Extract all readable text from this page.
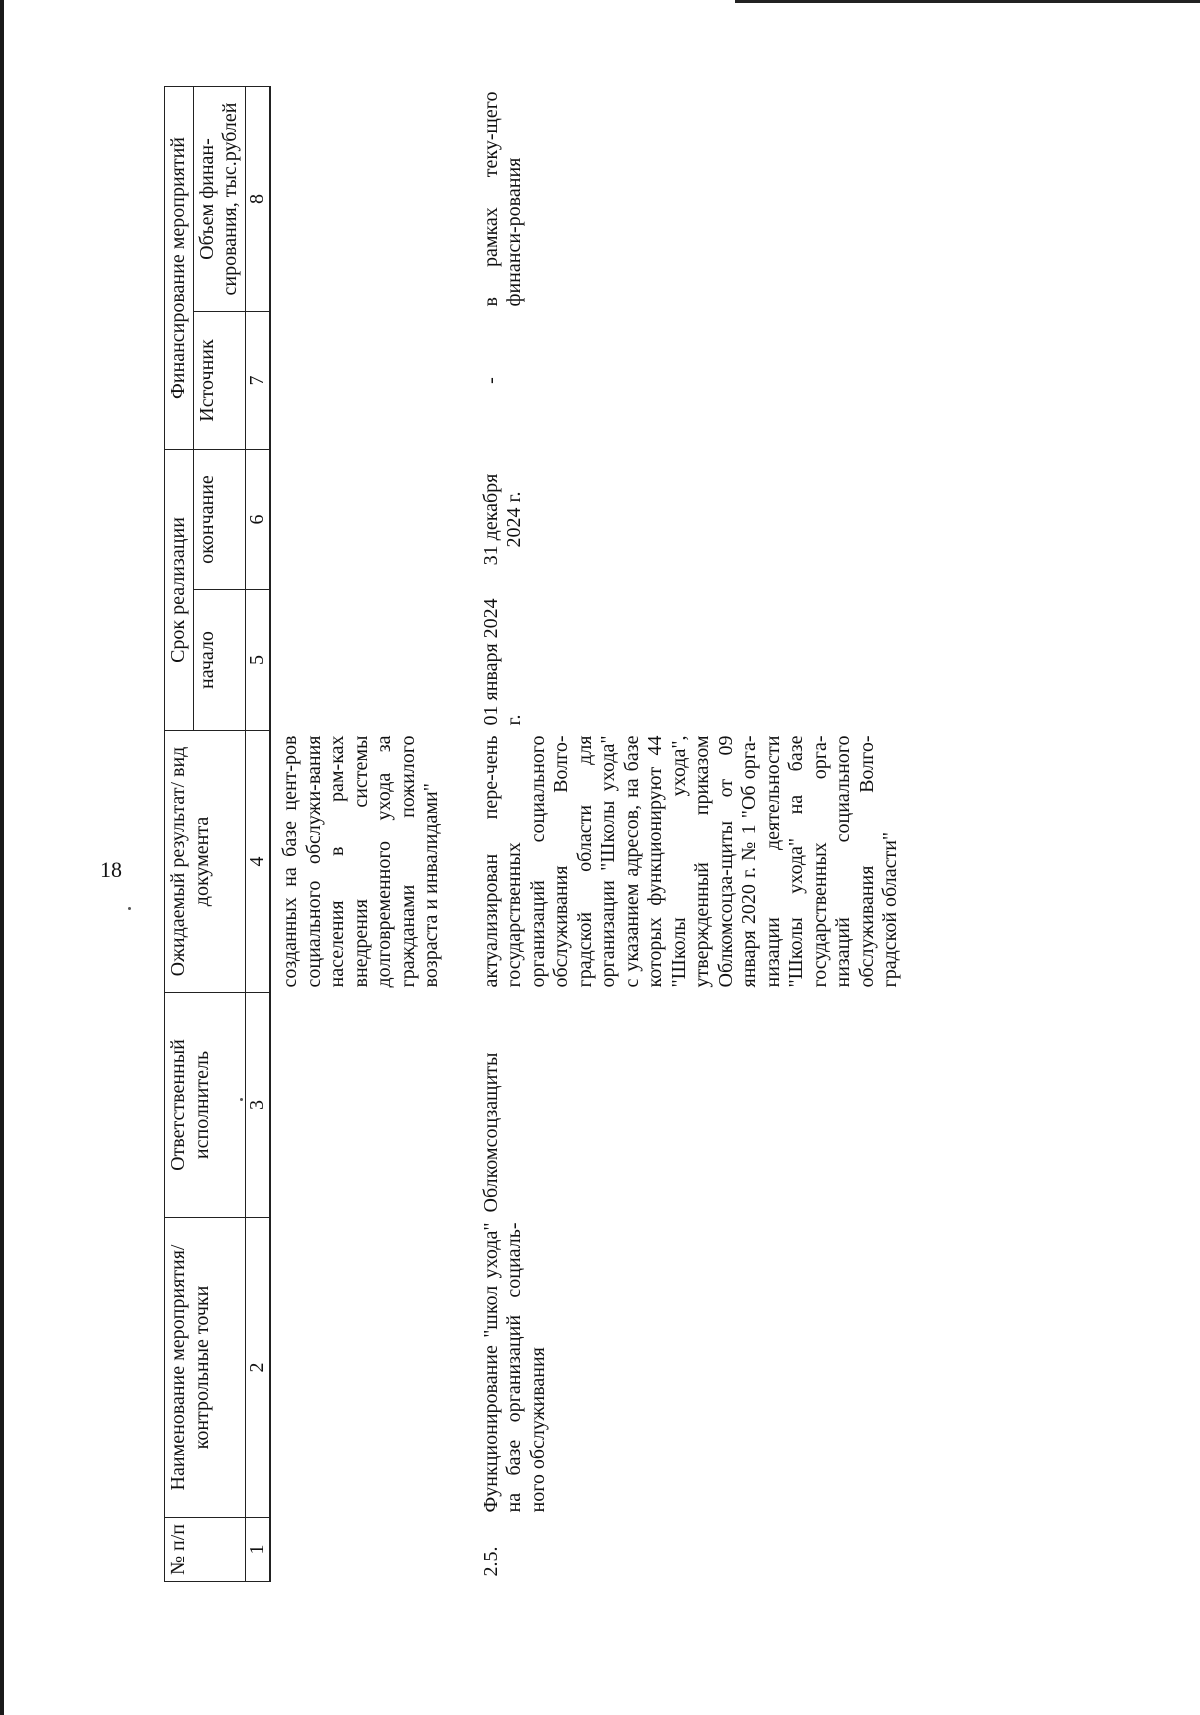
18
№ п/п	Наименование мероприятия/ контрольные точки	Ответственный исполнитель	Ожидаемый результат/ вид документа	Срок реализации		Финансирование мероприятий	
				начало	окончание	Источник	Объем финан-сирования, тыс.рублей
1	2	3	4	5	6	7	8
			созданных на базе цент-ров социального обслужи-вания населения в рам-ках внедрения системы долговременного ухода за гражданами пожилого возраста и инвалидами"				
2.5.	Функционирование "школ ухода" на базе организаций социаль-ного обслуживания	Облкомсоцзащиты	актуализирован пере-чень государственных организаций социального обслуживания Волго-градской области для организации "Школы ухода" с указанием адресов, на базе которых функционируют 44 "Школы ухода", утвержденный приказом Облкомсоцза-щиты от 09 января 2020 г. № 1 "Об орга-низации деятельности "Школы ухода" на базе государственных орга-низаций социального обслуживания Волго-градской области"	01 января 2024 г.	31 декабря 2024 г.	-	в рамках теку-щего финанси-рования
